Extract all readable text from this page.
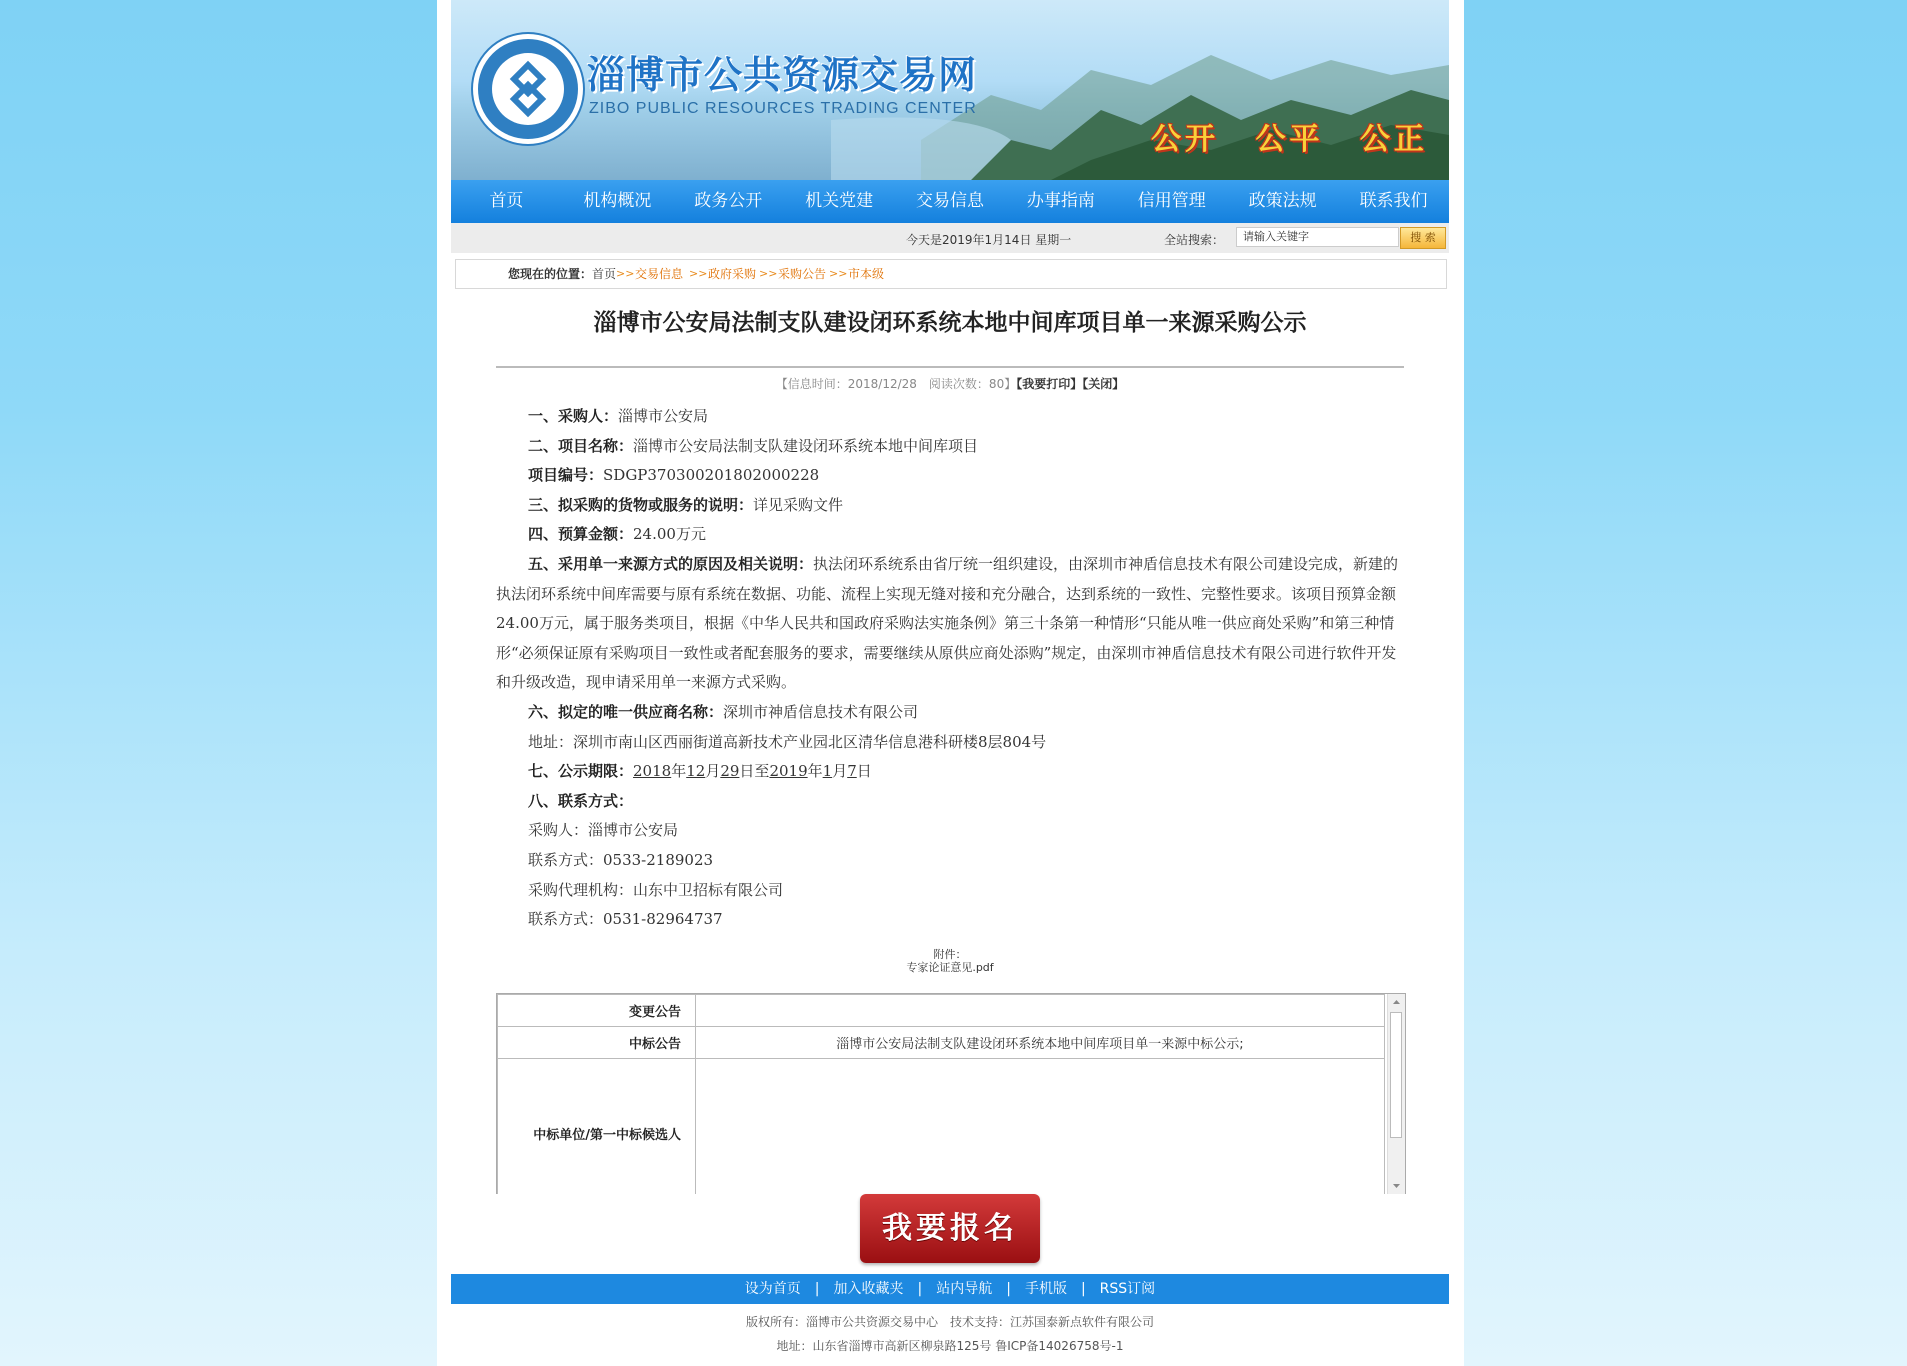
淄博市公共资源交易网
ZIBO PUBLIC RESOURCES TRADING CENTER
公开 公平 公正
首页	机构概况	政务公开	机关党建	交易信息	办事指南	信用管理	政策法规	联系我们
今天是2019年1月14日 星期一	全站搜索：	请输入关键字	搜 索
您现在的位置： 首页 >> 交易信息 >> 政府采购 >> 采购公告 >> 市本级
淄博市公安局法制支队建设闭环系统本地中间库项目单一来源采购公示
【信息时间：2018/12/28　阅读次数：80】【我要打印】【关闭】

一、采购人：淄博市公安局

二、项目名称：淄博市公安局法制支队建设闭环系统本地中间库项目

项目编号：SDGP370300201802000228

三、拟采购的货物或服务的说明：详见采购文件

四、预算金额：24.00万元

五、采用单一来源方式的原因及相关说明：执法闭环系统系由省厅统一组织建设，由深圳市神盾信息技术有限公司建设完成，新建的执法闭环系统中间库需要与原有系统在数据、功能、流程上实现无缝对接和充分融合，达到系统的一致性、完整性要求。该项目预算金额24.00万元，属于服务类项目，根据《中华人民共和国政府采购法实施条例》第三十条第一种情形“只能从唯一供应商处采购”和第三种情形“必须保证原有采购项目一致性或者配套服务的要求，需要继续从原供应商处添购”规定，由深圳市神盾信息技术有限公司进行软件开发和升级改造，现申请采用单一来源方式采购。

六、拟定的唯一供应商名称：深圳市神盾信息技术有限公司

地址：深圳市南山区西丽街道高新技术产业园北区清华信息港科研楼8层804号

七、公示期限：2018年12月29日至2019年1月7日

八、联系方式：

采购人：淄博市公安局

联系方式：0533-2189023

采购代理机构：山东中卫招标有限公司

联系方式：0531-82964737

附件：
专家论证意见.pdf
变更公告	
中标公告	淄博市公安局法制支队建设闭环系统本地中间库项目单一来源中标公示;
中标单位/第一中标候选人	
我要报名
设为首页 | 加入收藏夹 | 站内导航 | 手机版 | RSS订阅
版权所有：淄博市公共资源交易中心　技术支持：江苏国泰新点软件有限公司
地址：山东省淄博市高新区柳泉路125号 鲁ICP备14026758号-1
